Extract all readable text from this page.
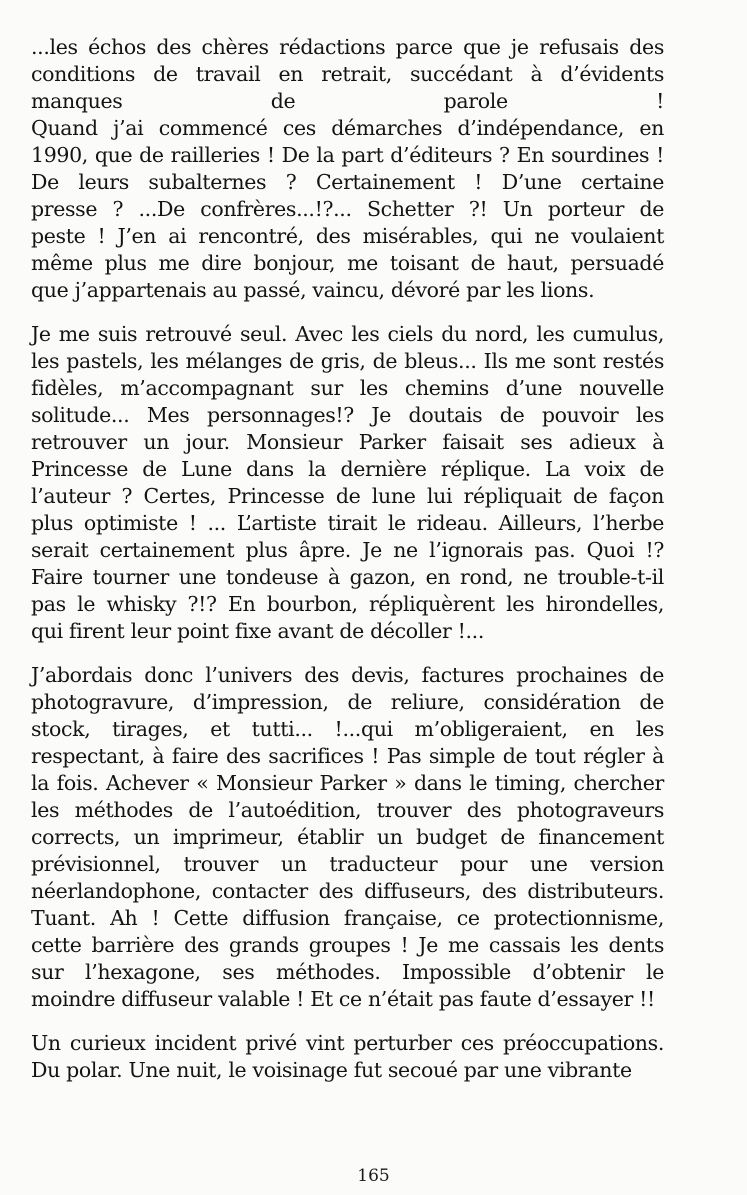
...les échos des chères rédactions parce que je refusais des
conditions de travail en retrait, succédant à d’évidents
manques de parole !
Quand j’ai commencé ces démarches d’indépendance, en
1990, que de railleries ! De la part d’éditeurs ? En sourdines !
De leurs subalternes ? Certainement ! D’une certaine
presse ? ...De confrères...!?... Schetter ?! Un porteur de
peste ! J’en ai rencontré, des misérables, qui ne voulaient
même plus me dire bonjour, me toisant de haut, persuadé
que j’appartenais au passé, vaincu, dévoré par les lions.
Je me suis retrouvé seul. Avec les ciels du nord, les cumulus,
les pastels, les mélanges de gris, de bleus... Ils me sont restés
fidèles, m’accompagnant sur les chemins d’une nouvelle
solitude... Mes personnages!? Je doutais de pouvoir les
retrouver un jour. Monsieur Parker faisait ses adieux à
Princesse de Lune dans la dernière réplique. La voix de
l’auteur ? Certes, Princesse de lune lui répliquait de façon
plus optimiste ! ... L’artiste tirait le rideau. Ailleurs, l’herbe
serait certainement plus âpre. Je ne l’ignorais pas. Quoi !?
Faire tourner une tondeuse à gazon, en rond, ne trouble-t-il
pas le whisky ?!? En bourbon, répliquèrent les hirondelles,
qui firent leur point fixe avant de décoller !...
J’abordais donc l’univers des devis, factures prochaines de
photogravure, d’impression, de reliure, considération de
stock, tirages, et tutti... !...qui m’obligeraient, en les
respectant, à faire des sacrifices ! Pas simple de tout régler à
la fois. Achever « Monsieur Parker » dans le timing, chercher
les méthodes de l’autoédition, trouver des photograveurs
corrects, un imprimeur, établir un budget de financement
prévisionnel, trouver un traducteur pour une version
néerlandophone, contacter des diffuseurs, des distributeurs.
Tuant. Ah ! Cette diffusion française, ce protectionnisme,
cette barrière des grands groupes ! Je me cassais les dents
sur l’hexagone, ses méthodes. Impossible d’obtenir le
moindre diffuseur valable ! Et ce n’était pas faute d’essayer !!
Un curieux incident privé vint perturber ces préoccupations.
Du polar. Une nuit, le voisinage fut secoué par une vibrante
165
